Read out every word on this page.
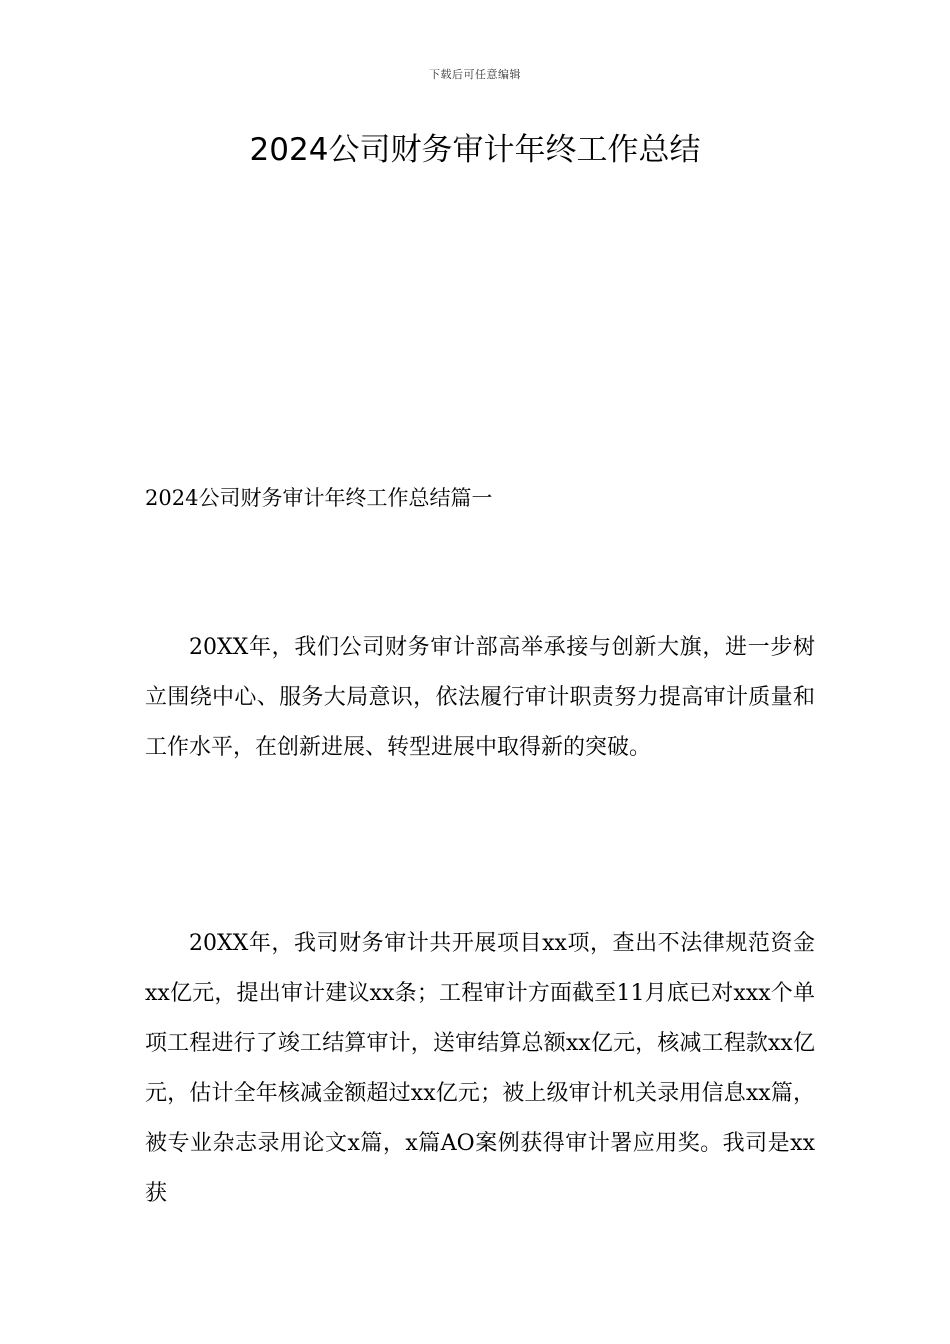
下载后可任意编辑
2024公司财务审计年终工作总结
2024公司财务审计年终工作总结篇一

20XX年，我们公司财务审计部高举承接与创新大旗，进一步树立围绕中心、服务大局意识，依法履行审计职责努力提高审计质量和工作水平，在创新进展、转型进展中取得新的突破。

20XX年，我司财务审计共开展项目xx项，查出不法律规范资金xx亿元，提出审计建议xx条；工程审计方面截至11月底已对xxx个单项工程进行了竣工结算审计，送审结算总额xx亿元，核减工程款xx亿元，估计全年核减金额超过xx亿元；被上级审计机关录用信息xx篇，被专业杂志录用论文x篇，x篇AO案例获得审计署应用奖。我司是xx获
